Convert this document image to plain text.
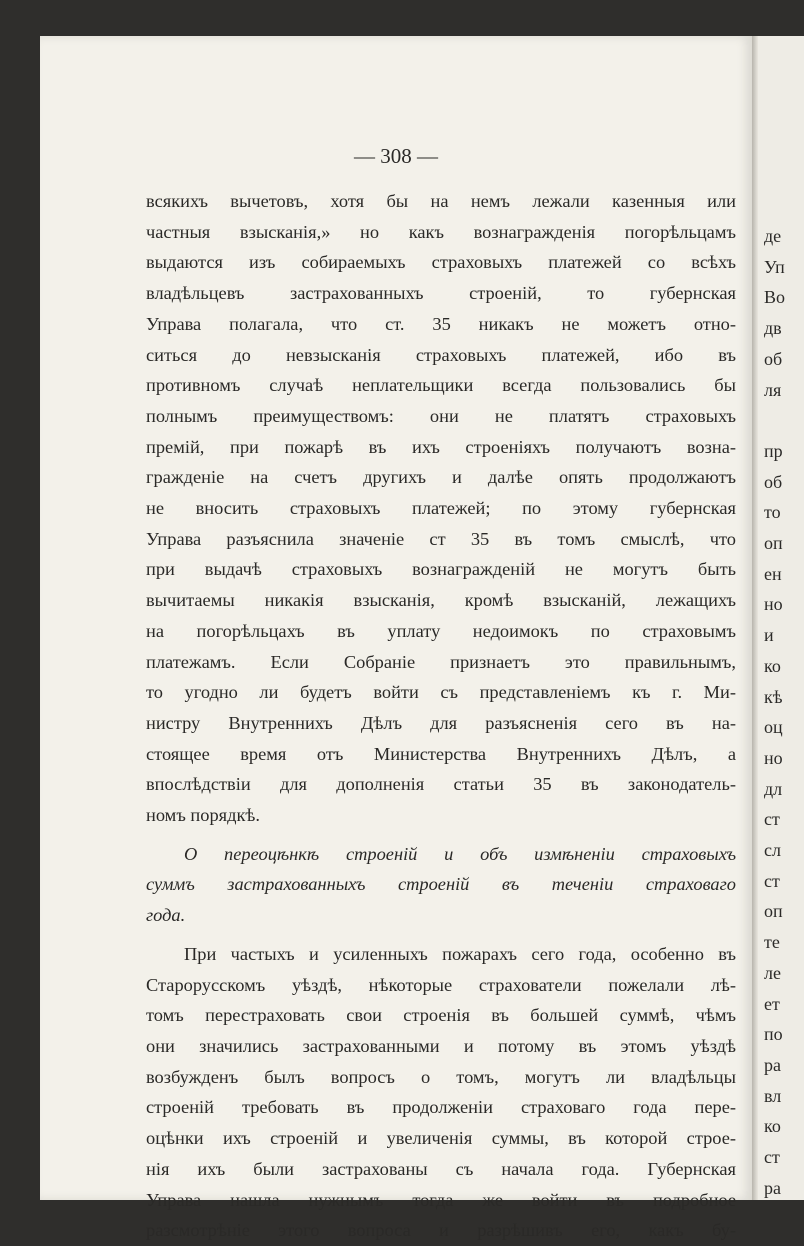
— 308 —

всякихъ вычетовъ, хотя бы на немъ лежали казенныя или

частныя взысканія,» но какъ вознагражденія погорѣльцамъ

выдаются изъ собираемыхъ страховыхъ платежей со всѣхъ

владѣльцевъ застрахованныхъ строеній, то губернская

Управа полагала, что ст. 35 никакъ не можетъ отно-

ситься до невзысканія страховыхъ платежей, ибо въ

противномъ случаѣ неплательщики всегда пользовались бы

полнымъ преимуществомъ: они не платятъ страховыхъ

премій, при пожарѣ въ ихъ строеніяхъ получаютъ возна-

гражденіе на счетъ другихъ и далѣе опять продолжаютъ

не вносить страховыхъ платежей; по этому губернская

Управа разъяснила значеніе ст 35 въ томъ смыслѣ, что

при выдачѣ страховыхъ вознагражденій не могутъ быть

вычитаемы никакія взысканія, кромѣ взысканій, лежащихъ

на погорѣльцахъ въ уплату недоимокъ по страховымъ

платежамъ. Если Собраніе признаетъ это правильнымъ,

то угодно ли будетъ войти съ представленіемъ къ г. Ми-

нистру Внутреннихъ Дѣлъ для разъясненія сего въ на-

стоящее время отъ Министерства Внутреннихъ Дѣлъ, а

впослѣдствіи для дополненія статьи 35 въ законодатель-

номъ порядкѣ.

О переоцѣнкѣ строеній и объ измѣненіи страховыхъ

суммъ застрахованныхъ строеній въ теченіи страховаго

года.

При частыхъ и усиленныхъ пожарахъ сего года, особенно въ

Старорусскомъ уѣздѣ, нѣкоторые страхователи пожелали лѣ-

томъ перестраховать свои строенія въ большей суммѣ, чѣмъ

они значились застрахованными и потому въ этомъ уѣздѣ

возбужденъ былъ вопросъ о томъ, могутъ ли владѣльцы

строеній требовать въ продолженіи страховаго года пере-

оцѣнки ихъ строеній и увеличенія суммы, въ которой строе-

нія ихъ были застрахованы съ начала года. Губернская

Управа нашла нужнымъ тогда же войти въ подробное

разсмотрѣніе этого вопроса и разрѣшивъ его, какъ бу-

де
Уп
Во
дв
об
ля
пр
об
то
оп
ен
но
и
ко
кѣ
оц
но
дл
ст
сл
ст
оп
те
ле
ет
по
ра
вл
ко
ст
ра
